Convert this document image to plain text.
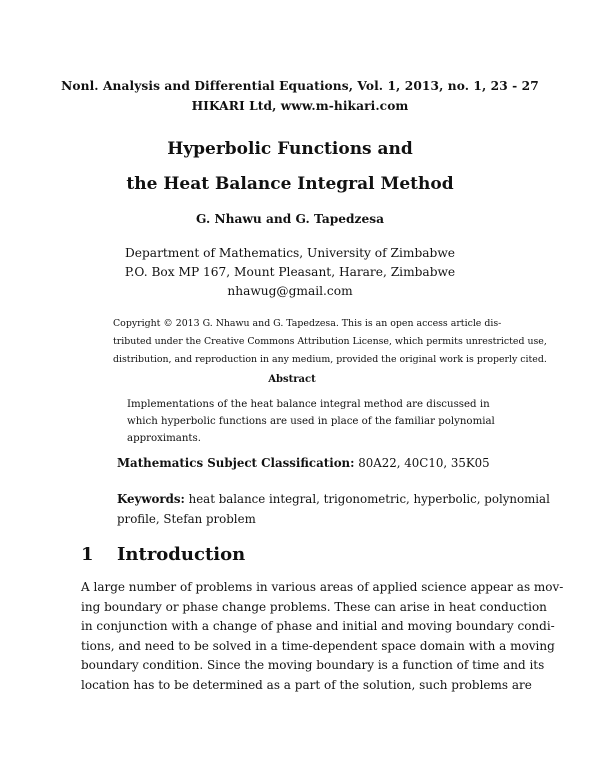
Nonl. Analysis and Differential Equations, Vol. 1, 2013, no. 1, 23 - 27
HIKARI Ltd, www.m-hikari.com
Hyperbolic Functions and
the Heat Balance Integral Method
G. Nhawu and G. Tapedzesa
Department of Mathematics, University of Zimbabwe
P.O. Box MP 167, Mount Pleasant, Harare, Zimbabwe
nhawug@gmail.com
Copyright © 2013 G. Nhawu and G. Tapedzesa. This is an open access article dis-
tributed under the Creative Commons Attribution License, which permits unrestricted use,
distribution, and reproduction in any medium, provided the original work is properly cited.
Abstract
Implementations of the heat balance integral method are discussed in
which hyperbolic functions are used in place of the familiar polynomial
approximants.
Mathematics Subject Classification: 80A22, 40C10, 35K05
Keywords: heat balance integral, trigonometric, hyperbolic, polynomial
profile, Stefan problem
1 Introduction
A large number of problems in various areas of applied science appear as mov-
ing boundary or phase change problems. These can arise in heat conduction
in conjunction with a change of phase and initial and moving boundary condi-
tions, and need to be solved in a time-dependent space domain with a moving
boundary condition. Since the moving boundary is a function of time and its
location has to be determined as a part of the solution, such problems are
